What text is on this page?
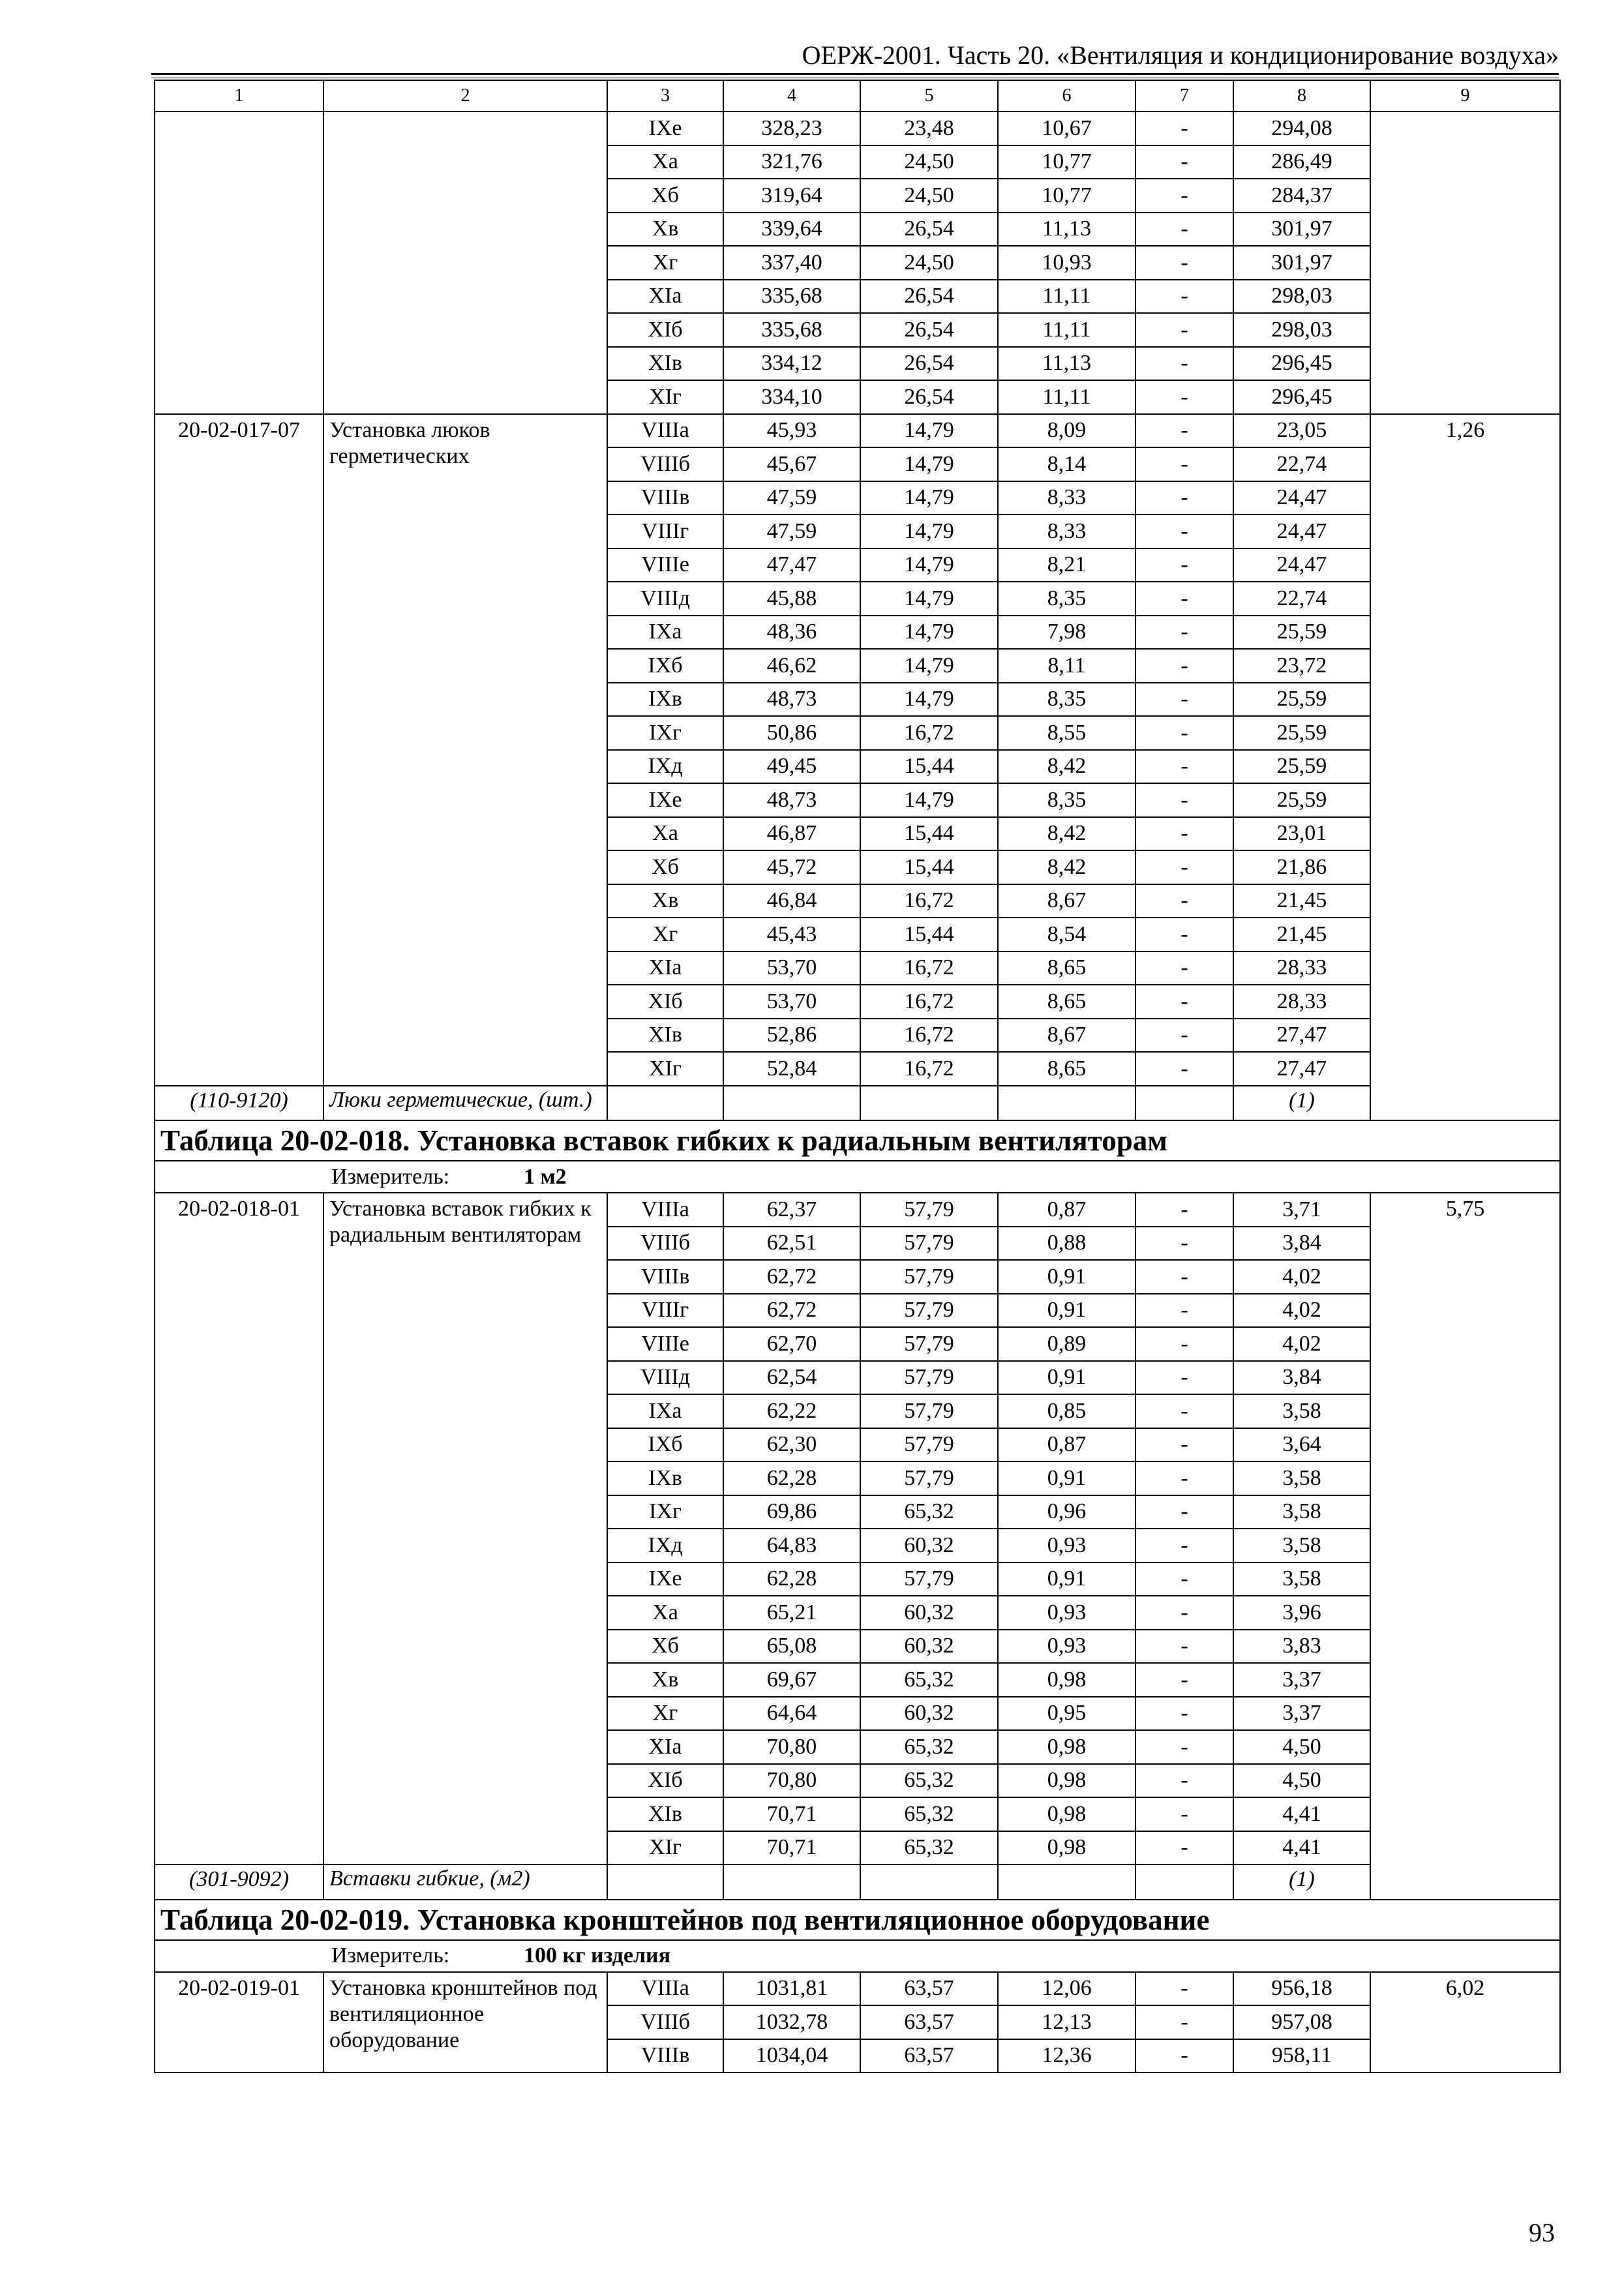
ОЕРЖ-2001. Часть 20. «Вентиляция и кондиционирование воздуха»
1	2	3	4	5	6	7	8	9
		IXe	328,23	23,48	10,67	-	294,08	
		Xa	321,76	24,50	10,77	-	286,49	
		Xб	319,64	24,50	10,77	-	284,37	
		Xв	339,64	26,54	11,13	-	301,97	
		Xг	337,40	24,50	10,93	-	301,97	
		XIa	335,68	26,54	11,11	-	298,03	
		XIб	335,68	26,54	11,11	-	298,03	
		XIв	334,12	26,54	11,13	-	296,45	
		XIг	334,10	26,54	11,11	-	296,45	
20-02-017-07	Установка люков герметических	VIIIa	45,93	14,79	8,09	-	23,05	1,26
		VIIIб	45,67	14,79	8,14	-	22,74	
		VIIIв	47,59	14,79	8,33	-	24,47	
		VIIIг	47,59	14,79	8,33	-	24,47	
		VIIIe	47,47	14,79	8,21	-	24,47	
		VIIIд	45,88	14,79	8,35	-	22,74	
		IXa	48,36	14,79	7,98	-	25,59	
		IXб	46,62	14,79	8,11	-	23,72	
		IXв	48,73	14,79	8,35	-	25,59	
		IXг	50,86	16,72	8,55	-	25,59	
		IXд	49,45	15,44	8,42	-	25,59	
		IXe	48,73	14,79	8,35	-	25,59	
		Xa	46,87	15,44	8,42	-	23,01	
		Xб	45,72	15,44	8,42	-	21,86	
		Xв	46,84	16,72	8,67	-	21,45	
		Xг	45,43	15,44	8,54	-	21,45	
		XIa	53,70	16,72	8,65	-	28,33	
		XIб	53,70	16,72	8,65	-	28,33	
		XIв	52,86	16,72	8,67	-	27,47	
		XIг	52,84	16,72	8,65	-	27,47	
(110-9120)	Люки герметические, (шт.)						(1)	
Таблица 20-02-018. Установка вставок гибких к радиальным вентиляторам								
Измеритель: 1 м2								
20-02-018-01	Установка вставок гибких к радиальным вентиляторам	VIIIa	62,37	57,79	0,87	-	3,71	5,75
		VIIIб	62,51	57,79	0,88	-	3,84	
		VIIIв	62,72	57,79	0,91	-	4,02	
		VIIIг	62,72	57,79	0,91	-	4,02	
		VIIIe	62,70	57,79	0,89	-	4,02	
		VIIIд	62,54	57,79	0,91	-	3,84	
		IXa	62,22	57,79	0,85	-	3,58	
		IXб	62,30	57,79	0,87	-	3,64	
		IXв	62,28	57,79	0,91	-	3,58	
		IXг	69,86	65,32	0,96	-	3,58	
		IXд	64,83	60,32	0,93	-	3,58	
		IXe	62,28	57,79	0,91	-	3,58	
		Xa	65,21	60,32	0,93	-	3,96	
		Xб	65,08	60,32	0,93	-	3,83	
		Xв	69,67	65,32	0,98	-	3,37	
		Xг	64,64	60,32	0,95	-	3,37	
		XIa	70,80	65,32	0,98	-	4,50	
		XIб	70,80	65,32	0,98	-	4,50	
		XIв	70,71	65,32	0,98	-	4,41	
		XIг	70,71	65,32	0,98	-	4,41	
(301-9092)	Вставки гибкие, (м2)						(1)	
Таблица 20-02-019. Установка кронштейнов под вентиляционное оборудование								
Измеритель: 100 кг изделия								
20-02-019-01	Установка кронштейнов под вентиляционное оборудование	VIIIa	1031,81	63,57	12,06	-	956,18	6,02
		VIIIб	1032,78	63,57	12,13	-	957,08	
		VIIIв	1034,04	63,57	12,36	-	958,11	
93
